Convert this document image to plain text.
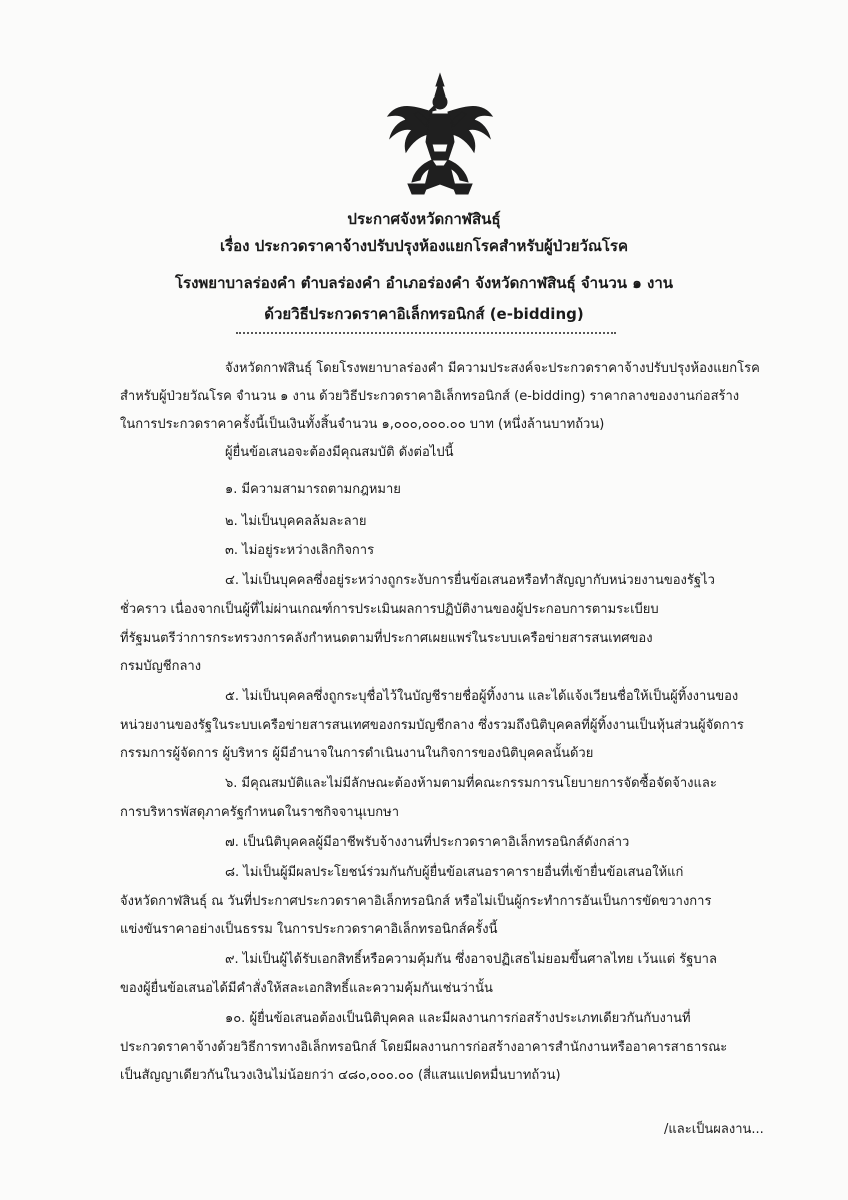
ประกาศจังหวัดกาฬสินธุ์
เรื่อง ประกวดราคาจ้างปรับปรุงห้องแยกโรคสำหรับผู้ป่วยวัณโรค
โรงพยาบาลร่องคำ ตำบลร่องคำ อำเภอร่องคำ จังหวัดกาฬสินธุ์ จำนวน ๑ งาน
ด้วยวิธีประกวดราคาอิเล็กทรอนิกส์ (e-bidding)
จังหวัดกาฬสินธุ์ โดยโรงพยาบาลร่องคำ มีความประสงค์จะประกวดราคาจ้างปรับปรุงห้องแยกโรค
สำหรับผู้ป่วยวัณโรค จำนวน ๑ งาน ด้วยวิธีประกวดราคาอิเล็กทรอนิกส์ (e-bidding) ราคากลางของงานก่อสร้าง
ในการประกวดราคาครั้งนี้เป็นเงินทั้งสิ้นจำนวน ๑,๐๐๐,๐๐๐.๐๐ บาท (หนึ่งล้านบาทถ้วน)
ผู้ยื่นข้อเสนอจะต้องมีคุณสมบัติ ดังต่อไปนี้
๑. มีความสามารถตามกฎหมาย
๒. ไม่เป็นบุคคลล้มละลาย
๓. ไม่อยู่ระหว่างเลิกกิจการ
๔. ไม่เป็นบุคคลซึ่งอยู่ระหว่างถูกระงับการยื่นข้อเสนอหรือทำสัญญากับหน่วยงานของรัฐไว
ชั่วคราว เนื่องจากเป็นผู้ที่ไม่ผ่านเกณฑ์การประเมินผลการปฏิบัติงานของผู้ประกอบการตามระเบียบ
ที่รัฐมนตรีว่าการกระทรวงการคลังกำหนดตามที่ประกาศเผยแพร่ในระบบเครือข่ายสารสนเทศของ
กรมบัญชีกลาง
๕. ไม่เป็นบุคคลซึ่งถูกระบุชื่อไว้ในบัญชีรายชื่อผู้ทิ้งงาน และได้แจ้งเวียนชื่อให้เป็นผู้ทิ้งงานของ
หน่วยงานของรัฐในระบบเครือข่ายสารสนเทศของกรมบัญชีกลาง ซึ่งรวมถึงนิติบุคคลที่ผู้ทิ้งงานเป็นหุ้นส่วนผู้จัดการ
กรรมการผู้จัดการ ผู้บริหาร ผู้มีอำนาจในการดำเนินงานในกิจการของนิติบุคคลนั้นด้วย
๖. มีคุณสมบัติและไม่มีลักษณะต้องห้ามตามที่คณะกรรมการนโยบายการจัดซื้อจัดจ้างและ
การบริหารพัสดุภาครัฐกำหนดในราชกิจจานุเบกษา
๗. เป็นนิติบุคคลผู้มีอาชีพรับจ้างงานที่ประกวดราคาอิเล็กทรอนิกส์ดังกล่าว
๘. ไม่เป็นผู้มีผลประโยชน์ร่วมกันกับผู้ยื่นข้อเสนอราคารายอื่นที่เข้ายื่นข้อเสนอให้แก่
จังหวัดกาฬสินธุ์ ณ วันที่ประกาศประกวดราคาอิเล็กทรอนิกส์ หรือไม่เป็นผู้กระทำการอันเป็นการขัดขวางการ
แข่งขันราคาอย่างเป็นธรรม ในการประกวดราคาอิเล็กทรอนิกส์ครั้งนี้
๙. ไม่เป็นผู้ได้รับเอกสิทธิ์หรือความคุ้มกัน ซึ่งอาจปฏิเสธไม่ยอมขึ้นศาลไทย เว้นแต่ รัฐบาล
ของผู้ยื่นข้อเสนอได้มีคำสั่งให้สละเอกสิทธิ์และความคุ้มกันเช่นว่านั้น
๑๐. ผู้ยื่นข้อเสนอต้องเป็นนิติบุคคล และมีผลงานการก่อสร้างประเภทเดียวกันกับงานที่
ประกวดราคาจ้างด้วยวิธีการทางอิเล็กทรอนิกส์ โดยมีผลงานการก่อสร้างอาคารสำนักงานหรืออาคารสาธารณะ
เป็นสัญญาเดียวกันในวงเงินไม่น้อยกว่า ๔๘๐,๐๐๐.๐๐ (สี่แสนแปดหมื่นบาทถ้วน)
/และเป็นผลงาน...
